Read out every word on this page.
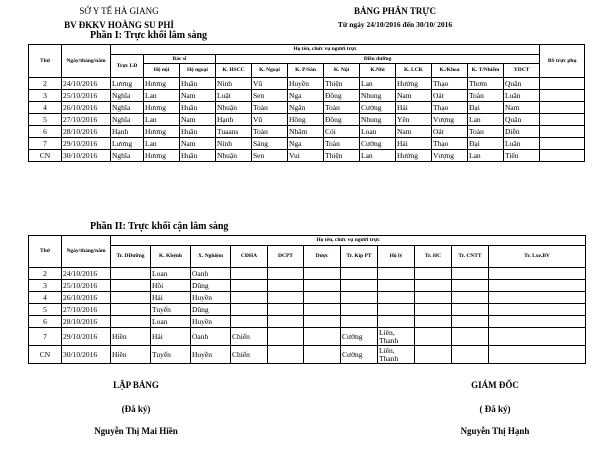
SỞ Y TẾ HÀ GIANG
BV ĐKKV HOÀNG SU PHÌ
BẢNG PHÂN TRỰC
Từ ngày 24/10/2016 đến 30/10/ 2016
Phần I: Trực khối lâm sàng
Thứ	Ngày/tháng/năm	Họ tên, chức vụ người trực												BS trực phụ
		Trực LĐ	Bác sĩ		Điều dưỡng									
			Hệ nội	Hệ ngoại	K. HSCC	K. Ngoại	K. P/Sản	K. Nội	K.Nhi	K. LCK	K./Khoa	K. T/Nhiễm	YDCT	
2	24/10/2016	Lương	Hương	Huân	Ninh	Vũ	Huyền	Thiện	Lan	Hường	Thạo	Thơm	Quân	
3	25/10/2016	Nghĩa	Lan	Nam	Luật	Sen	Nga	Đồng	Nhung	Nam	Oát	Toàn	Luân	
4	26/10/2016	Nghĩa	Hương	Huân	Nhuận	Toàn	Ngân	Toàn	Cường	Hải	Thạo	Đại	Nam	
5	27/10/2016	Nghĩa	Lan	Nam	Hạnh	Vũ	Hồng	Đồng	Nhung	Yên	Vượng	Lan	Quân	
6	28/10/2016	Hạnh	Hương	Huân	Tuaans	Toàn	Nhâm	Cói	Loan	Nam	Oát	Toàn	Diễn	
7	29/10/2016	Lương	Lan	Nam	Ninh	Sáng	Nga	Toàn	Cường	Hải	Thạo	Đại	Luân	
CN	30/10/2016	Nghĩa	Hương	Huân	Nhuận	Sen	Vui	Thiện	Lan	Hường	Vượng	Lan	Tiến	
Phần II: Trực khối cận lâm sàng
Thứ	Ngày/tháng/năm	Họ tên, chức vụ người trực										
		Tr. DĐưỡng	K. Kbệnh	X. Nghiệm	CĐHA	DCPT	Dược	Tr. Kíp PT	Hộ lý	Tr. HC	Tr. CNTT	Tr. Lxe,BV
2	24/10/2016		Loan	Oanh								
3	25/10/2016		Hồi	Dũng								
4	26/10/2016		Hải	Huyền								
5	27/10/2016		Tuyến	Dũng								
6	28/10/2016		Loan	Huyền								
7	29/10/2016	Hiền	Hải	Oanh	Chiến			Cường	Liên, Thanh			
CN	30/10/2016	Hiền	Tuyến	Huyền	Chiến			Cường	Liên, Thanh			
LẬP BẢNG
(Đã ký)
Nguyễn Thị Mai Hiền
GIÁM ĐỐC
( Đã ký)
Nguyễn Thị Hạnh
